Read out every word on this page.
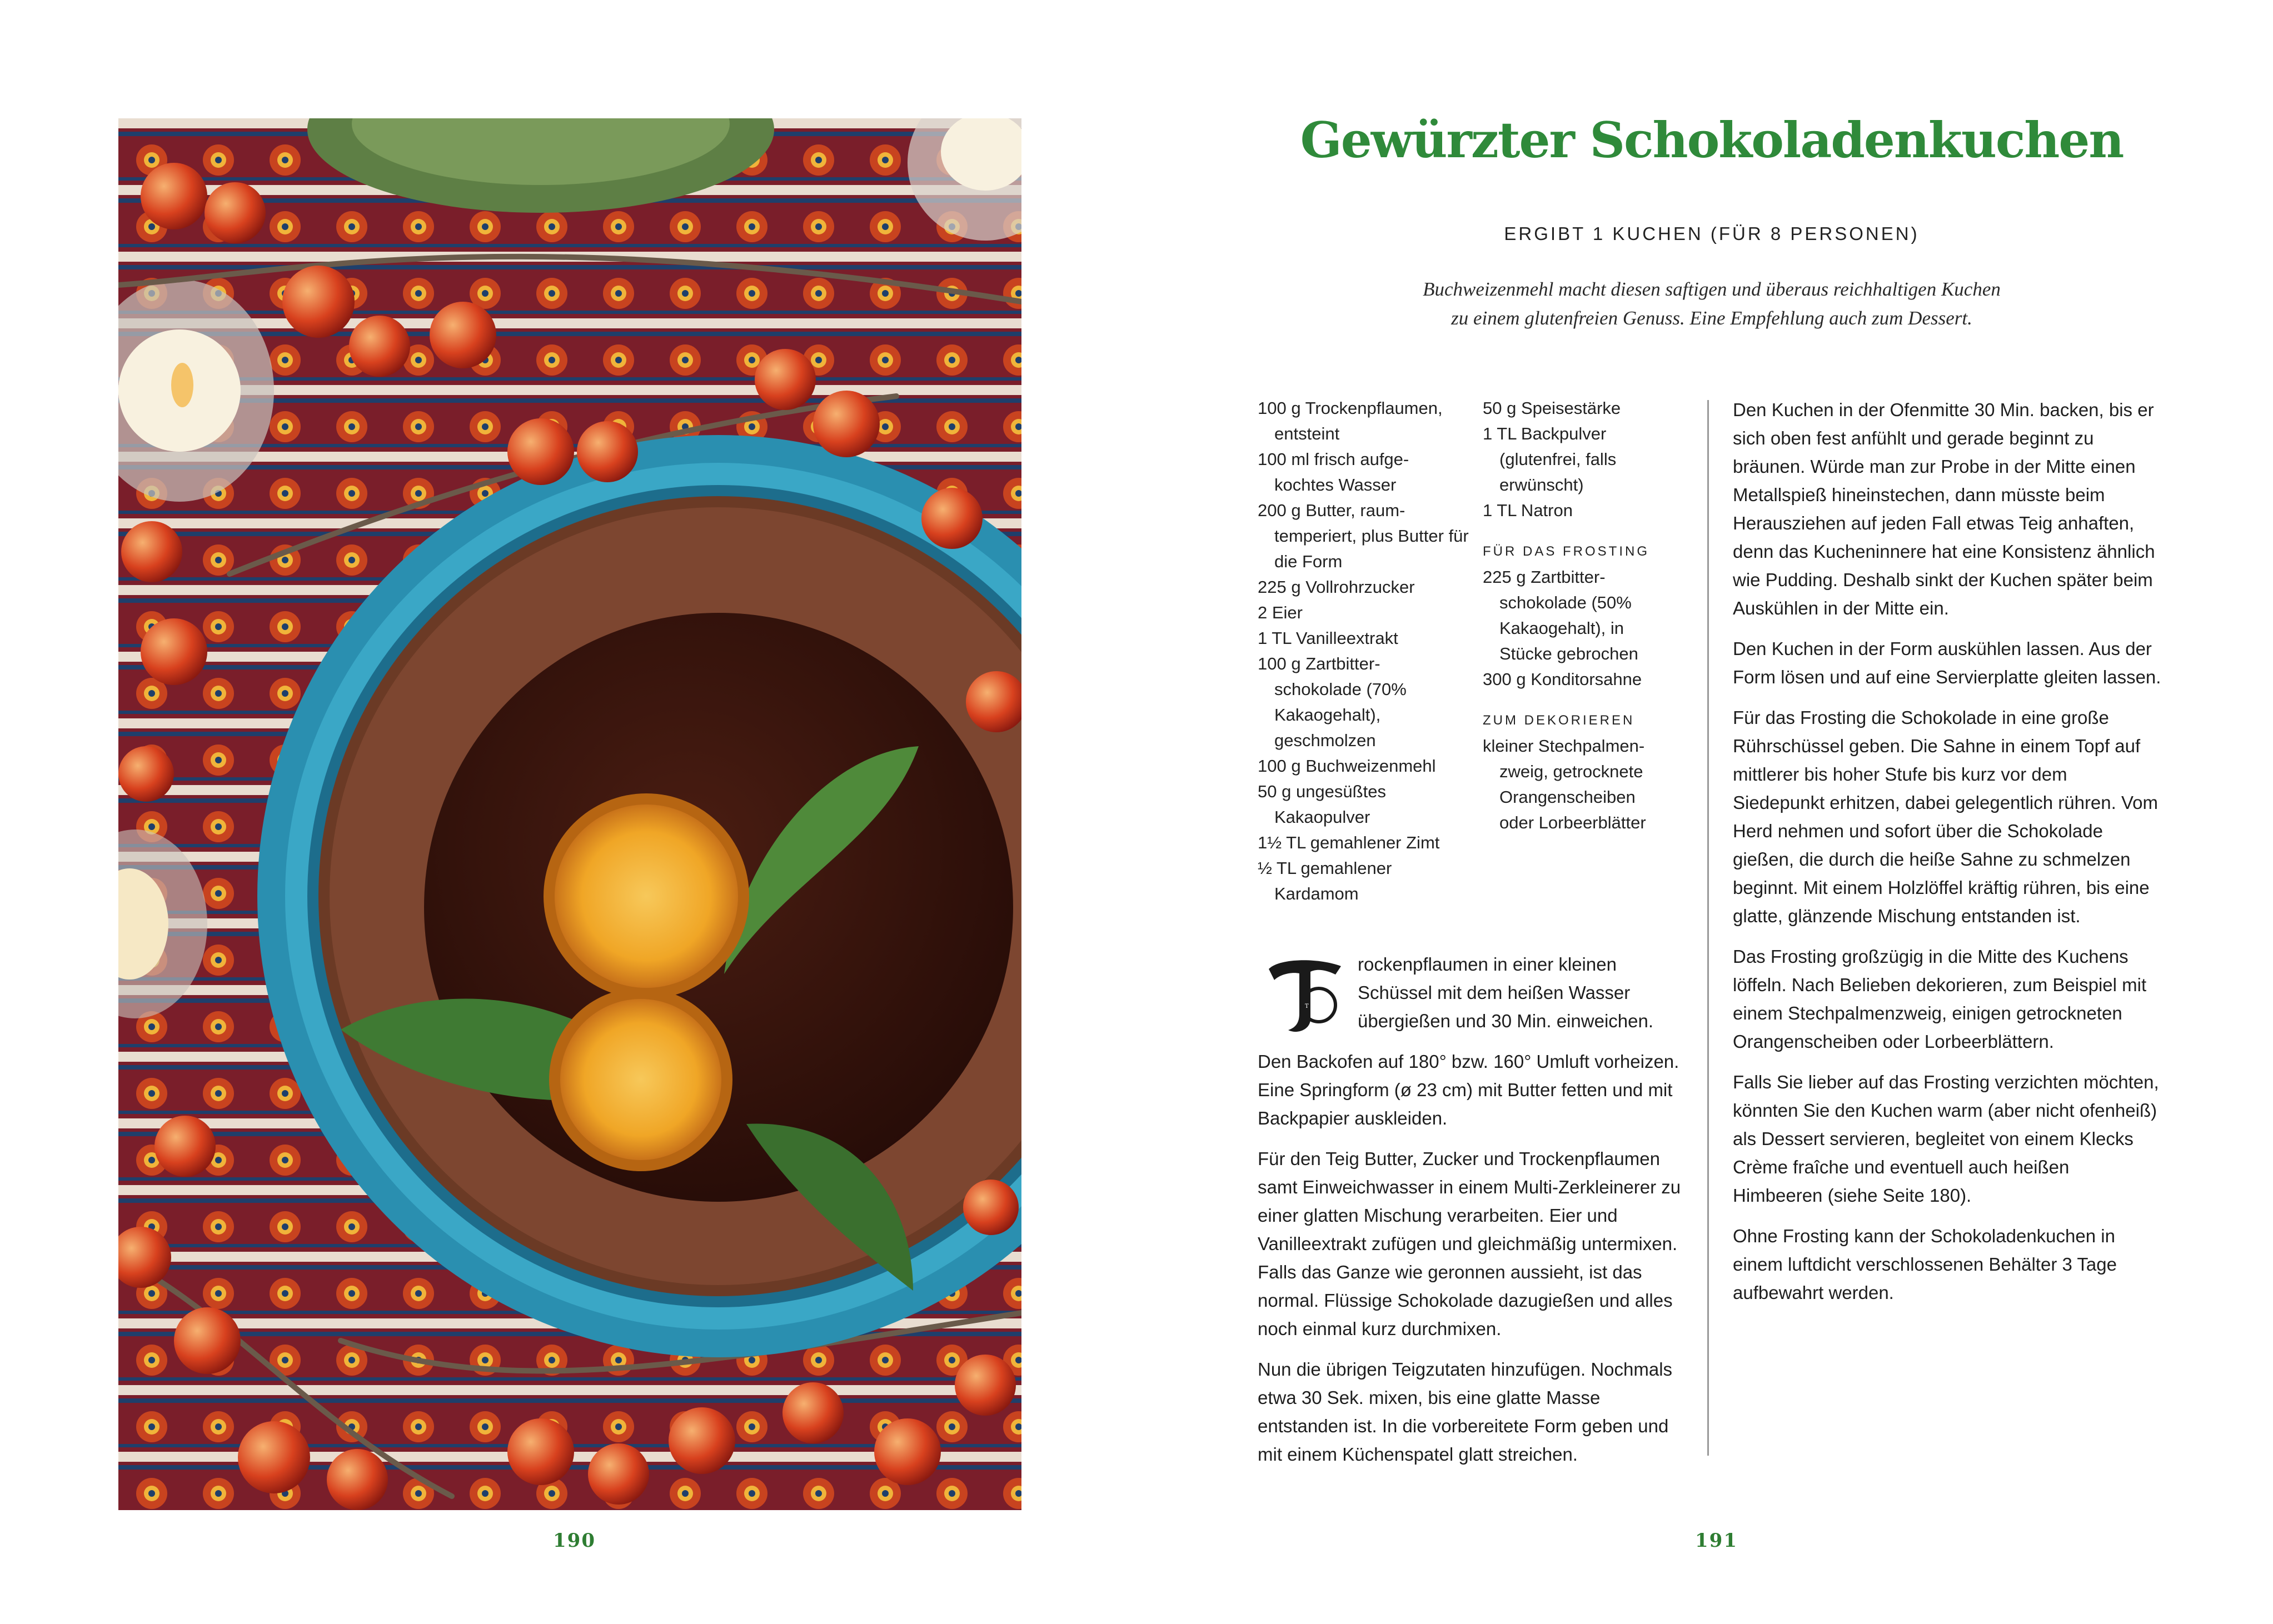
190
Gewürzter Schokoladenkuchen
ERGIBT 1 KUCHEN (FÜR 8 PERSONEN)
Buchweizenmehl macht diesen saftigen und überaus reichhaltigen Kuchen
zu einem glutenfreien Genuss. Eine Empfehlung auch zum Dessert.

100 g Trockenpflaumen, entsteint

100 ml frisch aufge- kochtes Wasser

200 g Butter, raum- temperiert, plus Butter für die Form

225 g Vollrohrzucker

2 Eier

1 TL Vanilleextrakt

100 g Zartbitter- schokolade (70% Kakaogehalt), geschmolzen

100 g Buchweizenmehl

50 g ungesüßtes Kakaopulver

1½ TL gemahlener Zimt

½ TL gemahlener Kardamom

50 g Speisestärke

1 TL Backpulver (glutenfrei, falls erwünscht)

1 TL Natron

FÜR DAS FROSTING

225 g Zartbitter- schokolade (50% Kakaogehalt), in Stücke gebrochen

300 g Konditorsahne

ZUM DEKORIEREN

kleiner Stechpalmen- zweig, getrocknete Orangenscheiben oder Lorbeerblätter

T
rockenpflaumen in einer kleinen Schüssel mit dem heißen Wasser übergießen und 30 Min. einweichen.

Den Backofen auf 180° bzw. 160° Umluft vorheizen. Eine Springform (ø 23 cm) mit Butter fetten und mit Backpapier auskleiden.

Für den Teig Butter, Zucker und Trockenpflaumen samt Einweichwasser in einem Multi-Zerkleinerer zu einer glatten Mischung verarbeiten. Eier und Vanilleextrakt zufügen und gleichmäßig untermixen. Falls das Ganze wie geronnen aussieht, ist das normal. Flüssige Schokolade dazugießen und alles noch einmal kurz durchmixen.

Nun die übrigen Teigzutaten hinzufügen. Nochmals etwa 30 Sek. mixen, bis eine glatte Masse entstanden ist. In die vorbereitete Form geben und mit einem Küchenspatel glatt streichen.

Den Kuchen in der Ofenmitte 30 Min. backen, bis er sich oben fest anfühlt und gerade beginnt zu bräunen. Würde man zur Probe in der Mitte einen Metallspieß hineinstechen, dann müsste beim Herausziehen auf jeden Fall etwas Teig anhaften, denn das Kucheninnere hat eine Konsistenz ähnlich wie Pudding. Deshalb sinkt der Kuchen später beim Auskühlen in der Mitte ein.

Den Kuchen in der Form auskühlen lassen. Aus der Form lösen und auf eine Servierplatte gleiten lassen.

Für das Frosting die Schokolade in eine große Rührschüssel geben. Die Sahne in einem Topf auf mittlerer bis hoher Stufe bis kurz vor dem Siedepunkt erhitzen, dabei gelegentlich rühren. Vom Herd nehmen und sofort über die Schokolade gießen, die durch die heiße Sahne zu schmelzen beginnt. Mit einem Holzlöffel kräftig rühren, bis eine glatte, glänzende Mischung entstanden ist.

Das Frosting großzügig in die Mitte des Kuchens löffeln. Nach Belieben dekorieren, zum Beispiel mit einem Stechpalmenzweig, einigen getrockneten Orangenscheiben oder Lorbeerblättern.

Falls Sie lieber auf das Frosting verzichten möchten, könnten Sie den Kuchen warm (aber nicht ofenheiß) als Dessert servieren, begleitet von einem Klecks Crème fraîche und eventuell auch heißen Himbeeren (siehe Seite 180).

Ohne Frosting kann der Schokoladenkuchen in einem luftdicht verschlossenen Behälter 3 Tage aufbewahrt werden.

191
